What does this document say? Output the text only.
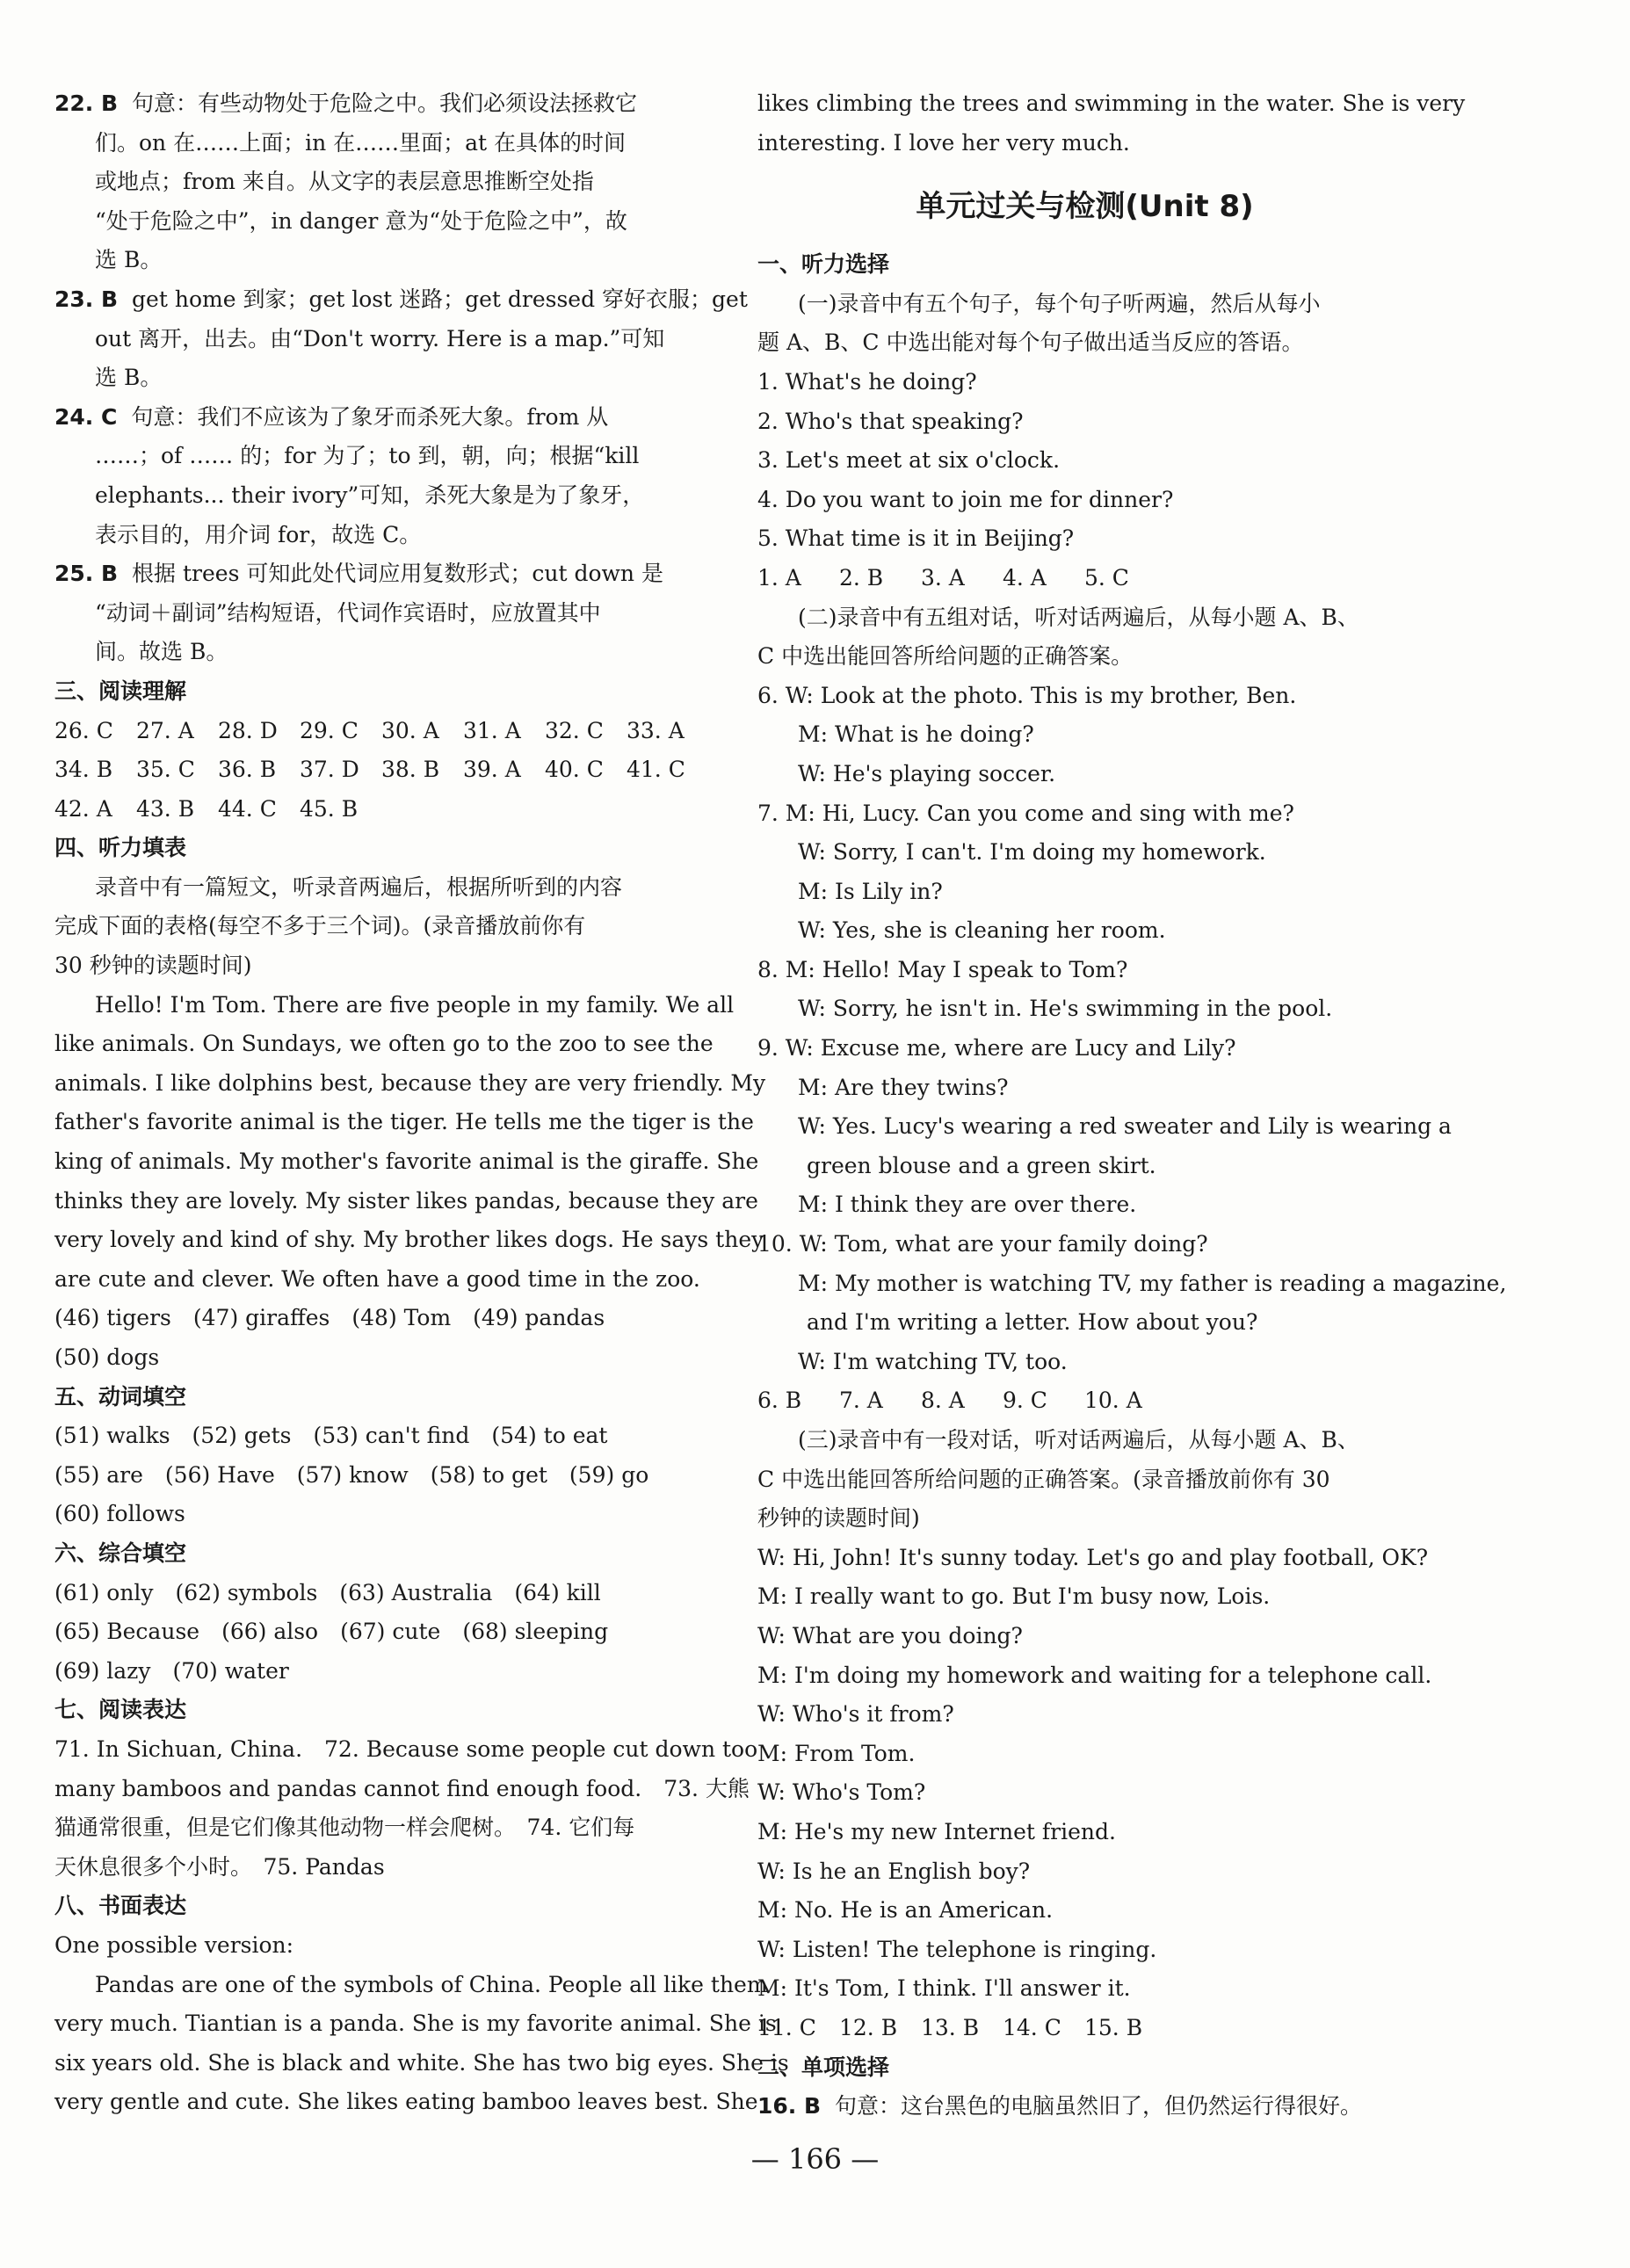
22. B 句意：有些动物处于危险之中。我们必须设法拯救它
们。on 在……上面；in 在……里面；at 在具体的时间
或地点；from 来自。从文字的表层意思推断空处指
“处于危险之中”，in danger 意为“处于危险之中”，故
选 B。
23. B get home 到家；get lost 迷路；get dressed 穿好衣服；get
out 离开，出去。由“Don't worry. Here is a map.”可知
选 B。
24. C 句意：我们不应该为了象牙而杀死大象。from 从
……；of …… 的；for 为了；to 到，朝，向；根据“kill
elephants... their ivory”可知，杀死大象是为了象牙，
表示目的，用介词 for，故选 C。
25. B 根据 trees 可知此处代词应用复数形式；cut down 是
“动词＋副词”结构短语，代词作宾语时，应放置其中
间。故选 B。
三、阅读理解
26. C 27. A 28. D 29. C 30. A 31. A 32. C 33. A
34. B 35. C 36. B 37. D 38. B 39. A 40. C 41. C
42. A 43. B 44. C 45. B
四、听力填表
录音中有一篇短文，听录音两遍后，根据所听到的内容
完成下面的表格(每空不多于三个词)。(录音播放前你有
30 秒钟的读题时间)
Hello! I'm Tom. There are five people in my family. We all
like animals. On Sundays, we often go to the zoo to see the
animals. I like dolphins best, because they are very friendly. My
father's favorite animal is the tiger. He tells me the tiger is the
king of animals. My mother's favorite animal is the giraffe. She
thinks they are lovely. My sister likes pandas, because they are
very lovely and kind of shy. My brother likes dogs. He says they
are cute and clever. We often have a good time in the zoo.
(46) tigers　(47) giraffes　(48) Tom　(49) pandas
(50) dogs
五、动词填空
(51) walks　(52) gets　(53) can't find　(54) to eat
(55) are　(56) Have　(57) know　(58) to get　(59) go
(60) follows
六、综合填空
(61) only　(62) symbols　(63) Australia　(64) kill
(65) Because　(66) also　(67) cute　(68) sleeping
(69) lazy　(70) water
七、阅读表达
71. In Sichuan, China.　72. Because some people cut down too
many bamboos and pandas cannot find enough food.　73. 大熊
猫通常很重，但是它们像其他动物一样会爬树。　74. 它们每
天休息很多个小时。　75. Pandas
八、书面表达
One possible version:
Pandas are one of the symbols of China. People all like them
very much. Tiantian is a panda. She is my favorite animal. She is
six years old. She is black and white. She has two big eyes. She is
very gentle and cute. She likes eating bamboo leaves best. She
likes climbing the trees and swimming in the water. She is very
interesting. I love her very much.
单元过关与检测(Unit 8)
一、听力选择
(一)录音中有五个句子，每个句子听两遍，然后从每小
题 A、B、C 中选出能对每个句子做出适当反应的答语。
1. What's he doing?
2. Who's that speaking?
3. Let's meet at six o'clock.
4. Do you want to join me for dinner?
5. What time is it in Beijing?
1. A 2. B 3. A 4. A 5. C
(二)录音中有五组对话，听对话两遍后，从每小题 A、B、
C 中选出能回答所给问题的正确答案。
6. W: Look at the photo. This is my brother, Ben.
M: What is he doing?
W: He's playing soccer.
7. M: Hi, Lucy. Can you come and sing with me?
W: Sorry, I can't. I'm doing my homework.
M: Is Lily in?
W: Yes, she is cleaning her room.
8. M: Hello! May I speak to Tom?
W: Sorry, he isn't in. He's swimming in the pool.
9. W: Excuse me, where are Lucy and Lily?
M: Are they twins?
W: Yes. Lucy's wearing a red sweater and Lily is wearing a
green blouse and a green skirt.
M: I think they are over there.
10. W: Tom, what are your family doing?
M: My mother is watching TV, my father is reading a magazine,
and I'm writing a letter. How about you?
W: I'm watching TV, too.
6. B 7. A 8. A 9. C 10. A
(三)录音中有一段对话，听对话两遍后，从每小题 A、B、
C 中选出能回答所给问题的正确答案。(录音播放前你有 30
秒钟的读题时间)
W: Hi, John! It's sunny today. Let's go and play football, OK?
M: I really want to go. But I'm busy now, Lois.
W: What are you doing?
M: I'm doing my homework and waiting for a telephone call.
W: Who's it from?
M: From Tom.
W: Who's Tom?
M: He's my new Internet friend.
W: Is he an English boy?
M: No. He is an American.
W: Listen! The telephone is ringing.
M: It's Tom, I think. I'll answer it.
11. C 12. B 13. B 14. C 15. B
二、单项选择
16. B 句意：这台黑色的电脑虽然旧了，但仍然运行得很好。
— 166 —
